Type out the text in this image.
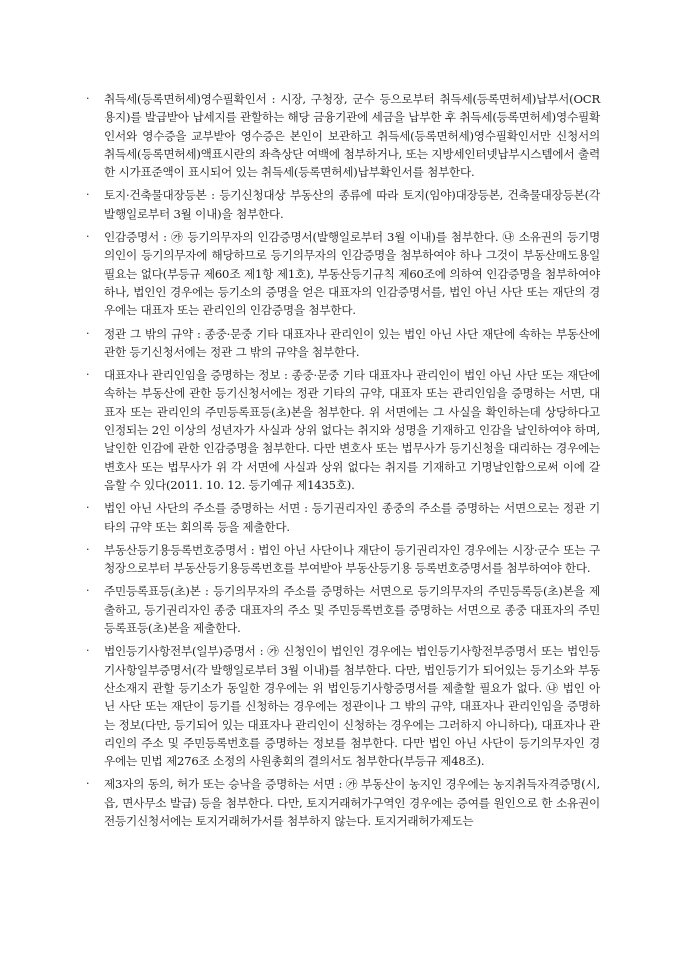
·	취득세(등록면허세)영수필확인서 : 시장, 구청장, 군수 등으로부터 취득세(등록면허세)납부서(OCR용지)를 발급받아 납세지를 관할하는 해당 금융기관에 세금을 납부한 후 취득세(등록면허세)영수필확인서와 영수증을 교부받아 영수증은 본인이 보관하고 취득세(등록면허세)영수필확인서만 신청서의 취득세(등록면허세)액표시란의 좌측상단 여백에 첨부하거나, 또는 지방세인터넷납부시스템에서 출력한 시가표준액이 표시되어 있는 취득세(등록면허세)납부확인서를 첨부한다.
·	토지·건축물대장등본 : 등기신청대상 부동산의 종류에 따라 토지(임야)대장등본, 건축물대장등본(각 발행일로부터 3월 이내)을 첨부한다.
·	인감증명서 : ㉮ 등기의무자의 인감증명서(발행일로부터 3월 이내)를 첨부한다. ㉯ 소유권의 등기명의인이 등기의무자에 해당하므로 등기의무자의 인감증명을 첨부하여야 하나 그것이 부동산매도용일 필요는 없다(부등규 제60조 제1항 제1호), 부동산등기규칙 제60조에 의하여 인감증명을 첨부하여야 하나, 법인인 경우에는 등기소의 증명을 얻은 대표자의 인감증명서를, 법인 아닌 사단 또는 재단의 경우에는 대표자 또는 관리인의 인감증명을 첨부한다.
·	정관 그 밖의 규약 : 종중·문중 기타 대표자나 관리인이 있는 법인 아닌 사단 재단에 속하는 부동산에 관한 등기신청서에는 정관 그 밖의 규약을 첨부한다.
·	대표자나 관리인임을 증명하는 정보 : 종중·문중 기타 대표자나 관리인이 법인 아닌 사단 또는 재단에 속하는 부동산에 관한 등기신청서에는 정관 기타의 규약, 대표자 또는 관리인임을 증명하는 서면, 대표자 또는 관리인의 주민등록표등(초)본을 첨부한다. 위 서면에는 그 사실을 확인하는데 상당하다고 인정되는 2인 이상의 성년자가 사실과 상위 없다는 취지와 성명을 기재하고 인감을 날인하여야 하며, 날인한 인감에 관한 인감증명을 첨부한다. 다만 변호사 또는 법무사가 등기신청을 대리하는 경우에는 변호사 또는 법무사가 위 각 서면에 사실과 상위 없다는 취지를 기재하고 기명날인함으로써 이에 갈음할 수 있다(2011. 10. 12. 등기예규 제1435호).
·	법인 아닌 사단의 주소를 증명하는 서면 : 등기권리자인 종중의 주소를 증명하는 서면으로는 정관 기타의 규약 또는 회의록 등을 제출한다.
·	부동산등기용등록번호증명서 : 법인 아닌 사단이나 재단이 등기권리자인 경우에는 시장·군수 또는 구청장으로부터 부동산등기용등록번호를 부여받아 부동산등기용 등록번호증명서를 첨부하여야 한다.
·	주민등록표등(초)본 : 등기의무자의 주소를 증명하는 서면으로 등기의무자의 주민등록등(초)본을 제출하고, 등기권리자인 종중 대표자의 주소 및 주민등록번호를 증명하는 서면으로 종중 대표자의 주민등록표등(초)본을 제출한다.
·	법인등기사항전부(일부)증명서 : ㉮ 신청인이 법인인 경우에는 법인등기사항전부증명서 또는 법인등기사항일부증명서(각 발행일로부터 3월 이내)를 첨부한다. 다만, 법인등기가 되어있는 등기소와 부동산소재지 관할 등기소가 동일한 경우에는 위 법인등기사항증명서를 제출할 필요가 없다. ㉯ 법인 아닌 사단 또는 재단이 등기를 신청하는 경우에는 정관이나 그 밖의 규약, 대표자나 관리인임을 증명하는 정보(다만, 등기되어 있는 대표자나 관리인이 신청하는 경우에는 그러하지 아니하다), 대표자나 관리인의 주소 및 주민등록번호를 증명하는 정보를 첨부한다. 다만 법인 아닌 사단이 등기의무자인 경우에는 민법 제276조 소정의 사원총회의 결의서도 첨부한다(부등규 제48조).
·	제3자의 동의, 허가 또는 승낙을 증명하는 서면 : ㉮ 부동산이 농지인 경우에는 농지취득자격증명(시, 읍, 면사무소 발급) 등을 첨부한다. 다만, 토지거래허가구역인 경우에는 증여를 원인으로 한 소유권이전등기신청서에는 토지거래허가서를 첨부하지 않는다. 토지거래허가제도는
